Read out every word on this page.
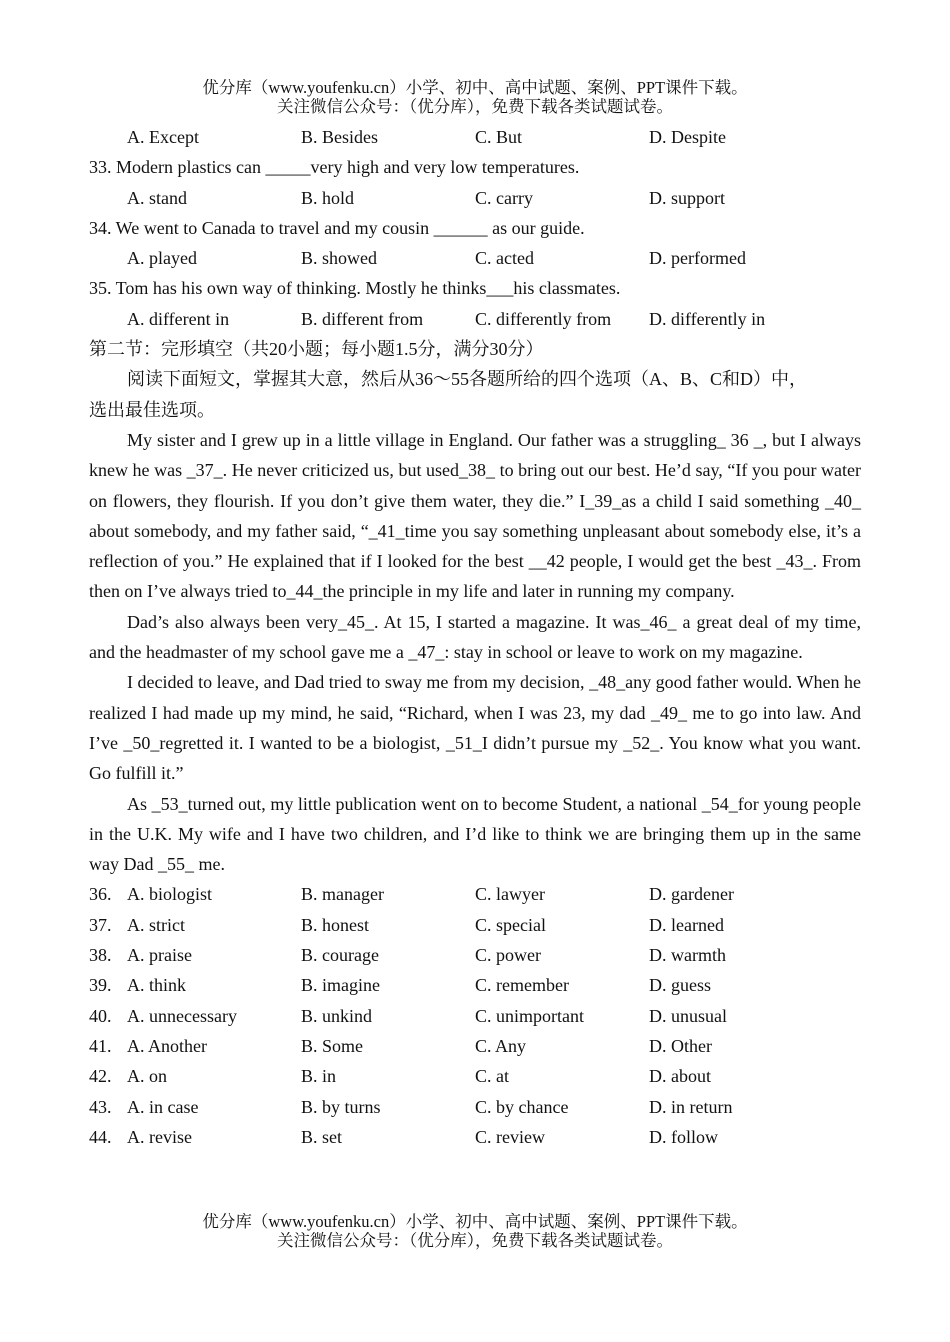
优分库（www.youfenku.cn）小学、初中、高中试题、案例、PPT课件下载。
关注微信公众号：（优分库），免费下载各类试题试卷。
A. Except	B. Besides	C. But	D. Despite
33. Modern plastics can _____very high and very low temperatures.
A. stand	B. hold	C. carry	D. support
34. We went to Canada to travel and my cousin ______ as our guide.
A. played	B. showed	C. acted	D. performed
35. Tom has his own way of thinking. Mostly he thinks___his classmates.
A. different in	B. different from	C. differently from	D. differently in
第二节：完形填空（共20小题；每小题1.5分，满分30分）
阅读下面短文，掌握其大意，然后从36～55各题所给的四个选项（A、B、C和D）中，
选出最佳选项。
My sister and I grew up in a little village in England. Our father was a struggling_ 36 _, but I always knew he was _37_. He never criticized us, but used_38_ to bring out our best. He’d say, “If you pour water on flowers, they flourish. If you don’t give them water, they die.” I_39_as a child I said something _40_ about somebody, and my father said, “_41_time you say something unpleasant about somebody else, it’s a reflection of you.” He explained that if I looked for the best __42 people, I would get the best _43_. From then on I’ve always tried to_44_the principle in my life and later in running my company.
Dad’s also always been very_45_. At 15, I started a magazine. It was_46_ a great deal of my time, and the headmaster of my school gave me a _47_: stay in school or leave to work on my magazine.
I decided to leave, and Dad tried to sway me from my decision, _48_any good father would. When he realized I had made up my mind, he said, “Richard, when I was 23, my dad _49_ me to go into law. And I’ve _50_regretted it. I wanted to be a biologist, _51_I didn’t pursue my _52_. You know what you want. Go fulfill it.”
As _53_turned out, my little publication went on to become Student, a national _54_for young people in the U.K. My wife and I have two children, and I’d like to think we are bringing them up in the same way Dad _55_ me.
36. A. biologist	B. manager	C. lawyer	D. gardener
37. A. strict	B. honest	C. special	D. learned
38. A. praise	B. courage	C. power	D. warmth
39. A. think	B. imagine	C. remember	D. guess
40. A. unnecessary	B. unkind	C. unimportant	D. unusual
41. A. Another	B. Some	C. Any	D. Other
42. A. on	B. in	C. at	D. about
43. A. in case	B. by turns	C. by chance	D. in return
44. A. revise	B. set	C. review	D. follow
优分库（www.youfenku.cn）小学、初中、高中试题、案例、PPT课件下载。
关注微信公众号：（优分库），免费下载各类试题试卷。
